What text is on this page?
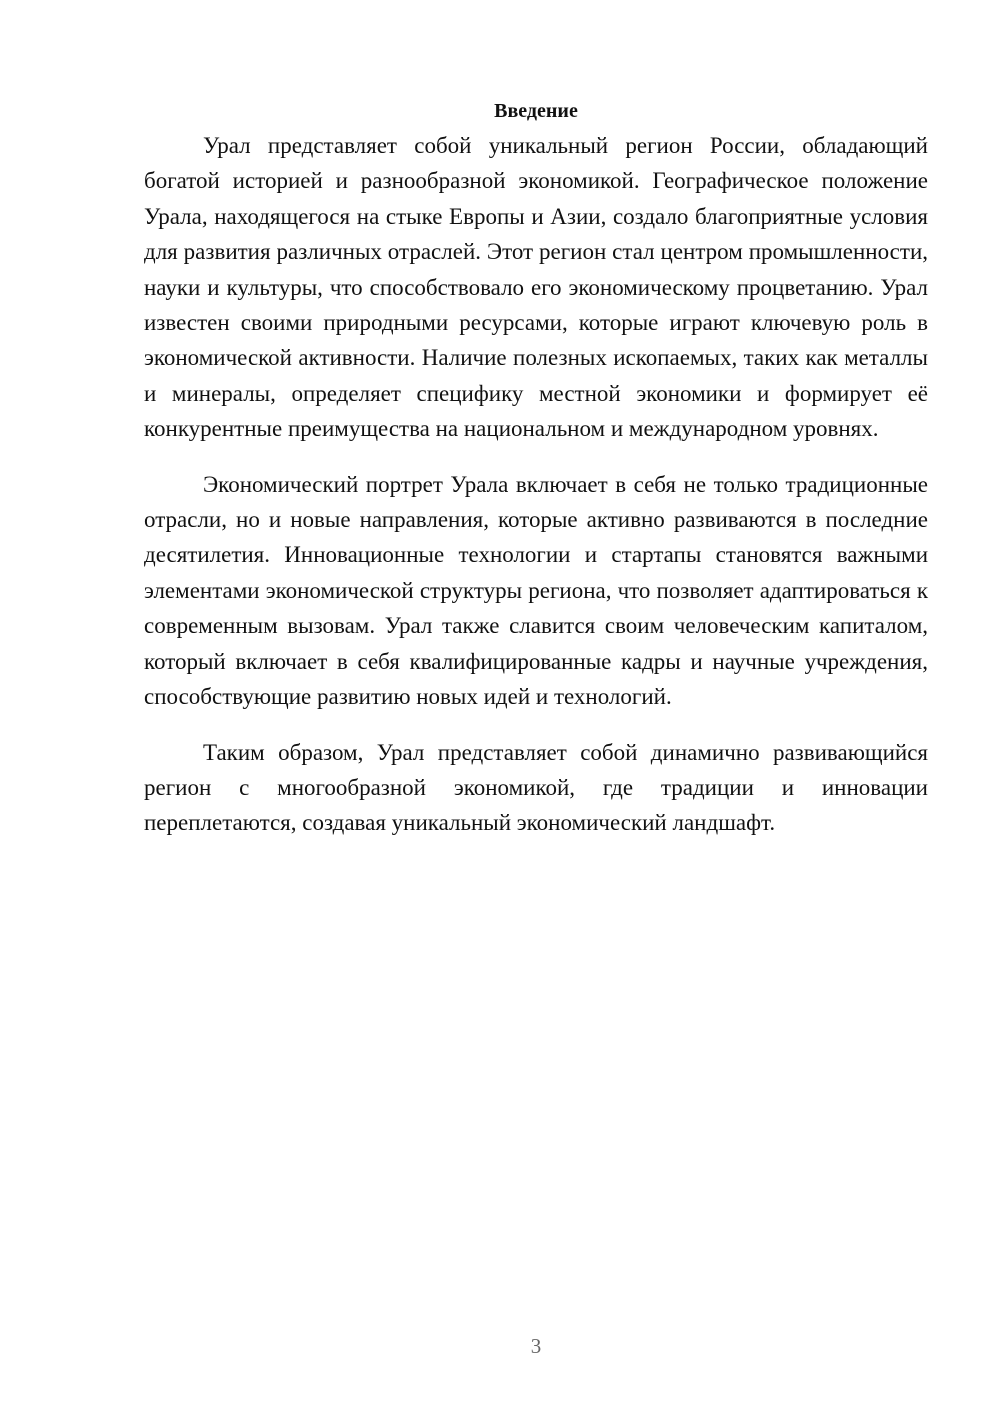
Введение

Урал представляет собой уникальный регион России, обладающий богатой историей и разнообразной экономикой. Географическое положение Урала, находящегося на стыке Европы и Азии, создало благоприятные условия для развития различных отраслей. Этот регион стал центром промышленности, науки и культуры, что способствовало его экономическому процветанию. Урал известен своими природными ресурсами, которые играют ключевую роль в экономической активности. Наличие полезных ископаемых, таких как металлы и минералы, определяет специфику местной экономики и формирует её конкурентные преимущества на национальном и международном уровнях.

Экономический портрет Урала включает в себя не только традиционные отрасли, но и новые направления, которые активно развиваются в последние десятилетия. Инновационные технологии и стартапы становятся важными элементами экономической структуры региона, что позволяет адаптироваться к современным вызовам. Урал также славится своим человеческим капиталом, который включает в себя квалифицированные кадры и научные учреждения, способствующие развитию новых идей и технологий.

Таким образом, Урал представляет собой динамично развивающийся регион с многообразной экономикой, где традиции и инновации переплетаются, создавая уникальный экономический ландшафт.

3
